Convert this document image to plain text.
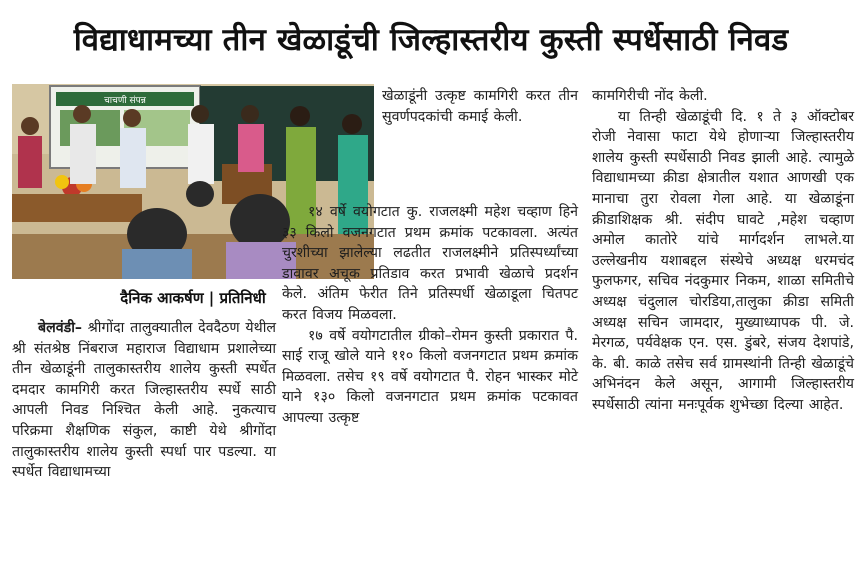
विद्याधामच्या तीन खेळाडूंची जिल्हास्तरीय कुस्ती स्पर्धेसाठी निवड
चाचणी संपन्न
दैनिक आकर्षण | प्रतिनिधी

बेलवंडी– श्रीगोंदा तालुक्यातील देवदैठण येथील श्री संतश्रेष्ठ निंबराज महाराज विद्याधाम प्रशालेच्या तीन खेळाडूंनी तालुकास्तरीय शालेय कुस्ती स्पर्धेत दमदार कामगिरी करत जिल्हास्तरीय स्पर्धे साठी आपली निवड निश्चित केली आहे. नुकत्याच परिक्रमा शैक्षणिक संकुल, काष्टी येथे श्रीगोंदा तालुकास्तरीय शालेय कुस्ती स्पर्धा पार पडल्या. या स्पर्धेत विद्याधामच्या

खेळाडूंनी उत्कृष्ट कामगिरी करत तीन सुवर्णपदकांची कमाई केली.

१४ वर्षे वयोगटात कु. राजलक्ष्मी महेश चव्हाण हिने ३३ किलो वजनगटात प्रथम क्रमांक पटकावला. अत्यंत चुरशीच्या झालेल्या लढतीत राजलक्ष्मीने प्रतिस्पर्ध्यांच्या डावावर अचूक प्रतिडाव करत प्रभावी खेळाचे प्रदर्शन केले. अंतिम फेरीत तिने प्रतिस्पर्धी खेळाडूला चितपट करत विजय मिळवला.

१७ वर्षे वयोगटातील ग्रीको–रोमन कुस्ती प्रकारात पै. साई राजू खोले याने ११० किलो वजनगटात प्रथम क्रमांक मिळवला. तसेच १९ वर्षे वयोगटात पै. रोहन भास्कर मोटे याने १३० किलो वजनगटात प्रथम क्रमांक पटकावत आपल्या उत्कृष्ट

कामगिरीची नोंद केली.

या तिन्ही खेळाडूंची दि. १ ते ३ ऑक्टोबर रोजी नेवासा फाटा येथे होणाऱ्या जिल्हास्तरीय शालेय कुस्ती स्पर्धेसाठी निवड झाली आहे. त्यामुळे विद्याधामच्या क्रीडा क्षेत्रातील यशात आणखी एक मानाचा तुरा रोवला गेला आहे. या खेळाडूंना क्रीडाशिक्षक श्री. संदीप घावटे ,महेश चव्हाण अमोल कातोरे यांचे मार्गदर्शन लाभले.या उल्लेखनीय यशाबद्दल संस्थेचे अध्यक्ष धरमचंद फुलफगर, सचिव नंदकुमार निकम, शाळा समितीचे अध्यक्ष चंदुलाल चोरडिया,तालुका क्रीडा समिती अध्यक्ष सचिन जामदार, मुख्याध्यापक पी. जे. मेरगळ, पर्यवेक्षक एन. एस. डुंबरे, संजय देशपांडे, के. बी. काळे तसेच सर्व ग्रामस्थांनी तिन्ही खेळाडूंचे अभिनंदन केले असून, आगामी जिल्हास्तरीय स्पर्धेसाठी त्यांना मनःपूर्वक शुभेच्छा दिल्या आहेत.
